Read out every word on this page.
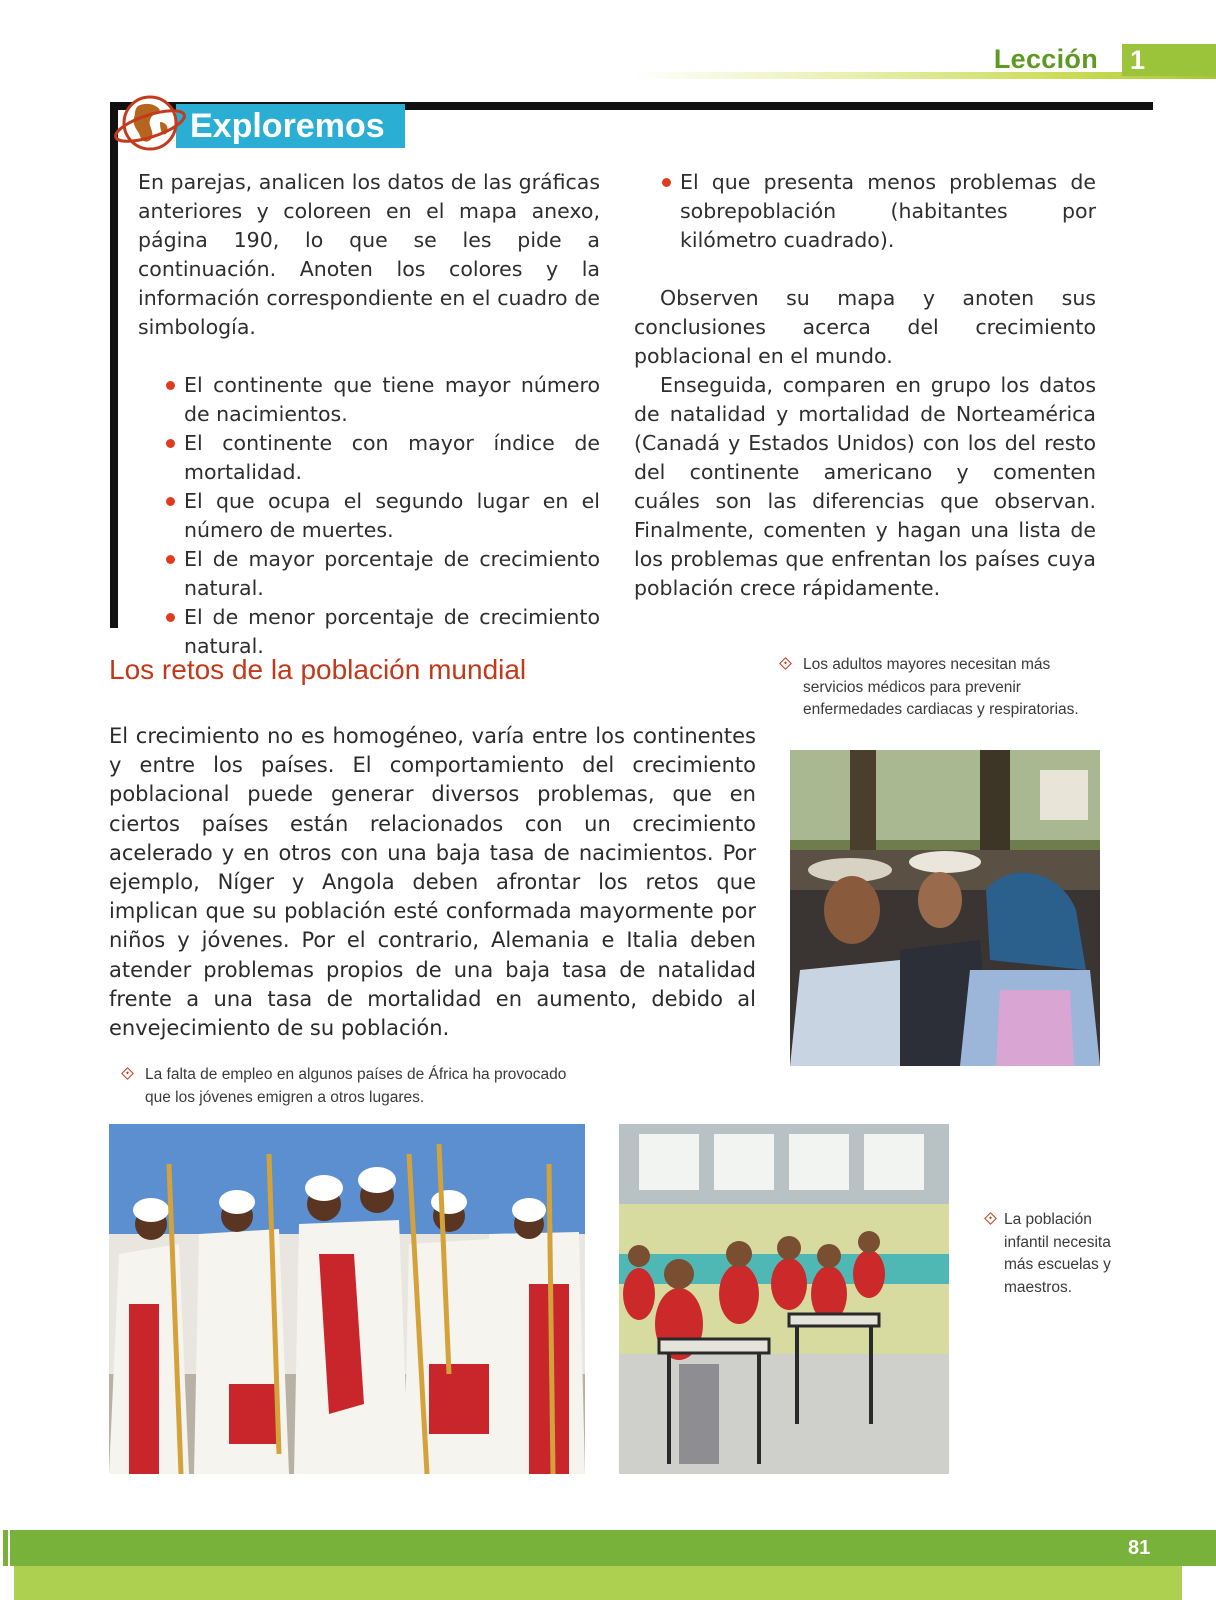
Lección 1
Exploremos

En parejas, analicen los datos de las gráficas anteriores y coloreen en el mapa anexo, página 190, lo que se les pide a continuación. Anoten los colores y la información correspondiente en el cuadro de simbología.

El continente que tiene mayor número de nacimientos.
El continente con mayor índice de mortalidad.
El que ocupa el segundo lugar en el número de muertes.
El de mayor porcentaje de crecimiento natural.
El de menor porcentaje de crecimiento natural.
El que presenta menos problemas de sobrepoblación (habitantes por kilómetro cuadrado).

Observen su mapa y anoten sus conclusiones acerca del crecimiento poblacional en el mundo.

Enseguida, comparen en grupo los datos de natalidad y mortalidad de Norteamérica (Canadá y Estados Unidos) con los del resto del continente americano y comenten cuáles son las diferencias que observan. Finalmente, comenten y hagan una lista de los problemas que enfrentan los países cuya población crece rápidamente.

Los retos de la población mundial

El crecimiento no es homogéneo, varía entre los continentes y entre los países. El comportamiento del crecimiento poblacional puede generar diversos problemas, que en ciertos países están relacionados con un crecimiento acelerado y en otros con una baja tasa de nacimientos. Por ejemplo, Níger y Angola deben afrontar los retos que implican que su población esté conformada mayormente por niños y jóvenes. Por el contrario, Alemania e Italia deben atender problemas propios de una baja tasa de natalidad frente a una tasa de mortalidad en aumento, debido al envejecimiento de su población.

Los adultos mayores necesitan más servicios médicos para prevenir enfermedades cardiacas y respiratorias.
La falta de empleo en algunos países de África ha provocado que los jóvenes emigren a otros lugares.
La población infantil necesita más escuelas y maestros.
81
